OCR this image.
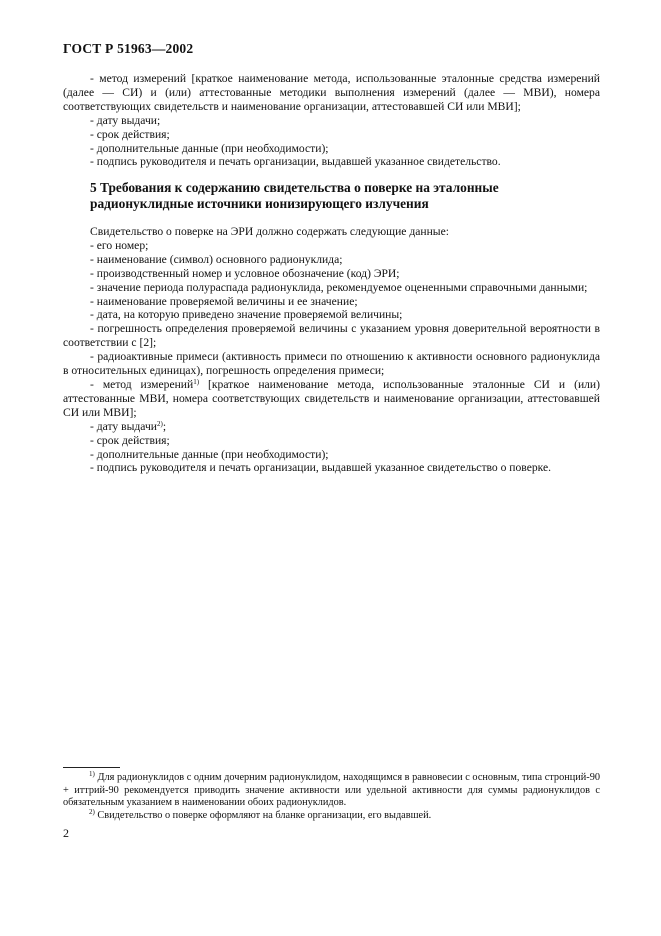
ГОСТ Р 51963—2002

- метод измерений [краткое наименование метода, использованные эталонные средства измерений (далее — СИ) и (или) аттестованные методики выполнения измерений (далее — МВИ), номера соответствующих свидетельств и наименование организации, аттестовавшей СИ или МВИ];

- дату выдачи;

- срок действия;

- дополнительные данные (при необходимости);

- подпись руководителя и печать организации, выдавшей указанное свидетельство.

5 Требования к содержанию свидетельства о поверке на эталонные радионуклидные источники ионизирующего излучения

Свидетельство о поверке на ЭРИ должно содержать следующие данные:

- его номер;

- наименование (символ) основного радионуклида;

- производственный номер и условное обозначение (код) ЭРИ;

- значение периода полураспада радионуклида, рекомендуемое оцененными справочными данными;

- наименование проверяемой величины и ее значение;

- дата, на которую приведено значение проверяемой величины;

- погрешность определения проверяемой величины с указанием уровня доверительной вероятности в соответствии с [2];

- радиоактивные примеси (активность примеси по отношению к активности основного радионуклида в относительных единицах), погрешность определения примеси;

- метод измерений$^{1)}$ [краткое наименование метода, использованные эталонные СИ и (или) аттестованные МВИ, номера соответствующих свидетельств и наименование организации, аттестовавшей СИ или МВИ];

- дату выдачи$^{2)}$;

- срок действия;

- дополнительные данные (при необходимости);

- подпись руководителя и печать организации, выдавшей указанное свидетельство о поверке.

$^{1)}$ Для радионуклидов с одним дочерним радионуклидом, находящимся в равновесии с основным, типа стронций-90 + иттрий-90 рекомендуется приводить значение активности или удельной активности для суммы радионуклидов с обязательным указанием в наименовании обоих радионуклидов.

$^{2)}$ Свидетельство о поверке оформляют на бланке организации, его выдавшей.

2
